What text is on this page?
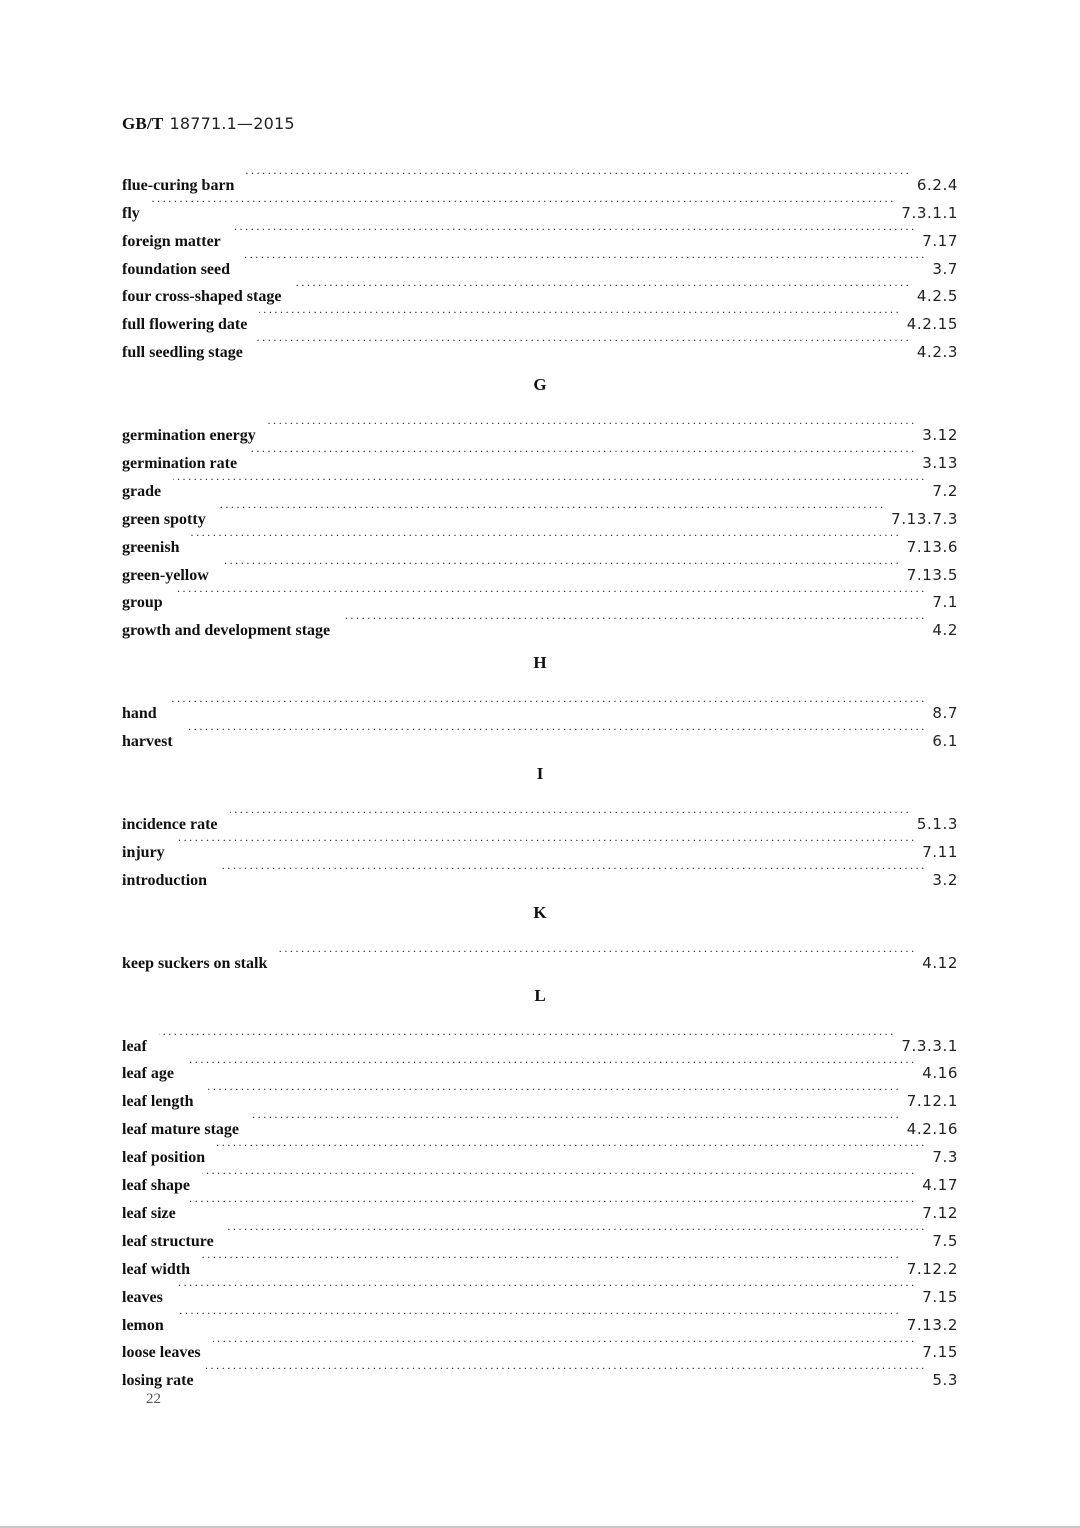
GB/T 18771.1—2015
flue-curing barn ·····	6.2.4
fly ·····	7.3.1.1
foreign matter ·····	7.17
foundation seed ·····	3.7
four cross-shaped stage ·····	4.2.5
full flowering date ·····	4.2.15
full seedling stage ·····	4.2.3
G
germination energy ·····	3.12
germination rate ·····	3.13
grade ·····	7.2
green spotty ·····	7.13.7.3
greenish ·····	7.13.6
green-yellow ·····	7.13.5
group ·····	7.1
growth and development stage ·····	4.2
H
hand ·····	8.7
harvest ·····	6.1
I
incidence rate ·····	5.1.3
injury ·····	7.11
introduction ·····	3.2
K
keep suckers on stalk ·····	4.12
L
leaf ·····	7.3.3.1
leaf age ·····	4.16
leaf length ·····	7.12.1
leaf mature stage ·····	4.2.16
leaf position ·····	7.3
leaf shape ·····	4.17
leaf size ·····	7.12
leaf structure ·····	7.5
leaf width ·····	7.12.2
leaves ·····	7.15
lemon ·····	7.13.2
loose leaves ·····	7.15
losing rate ·····	5.3
22
